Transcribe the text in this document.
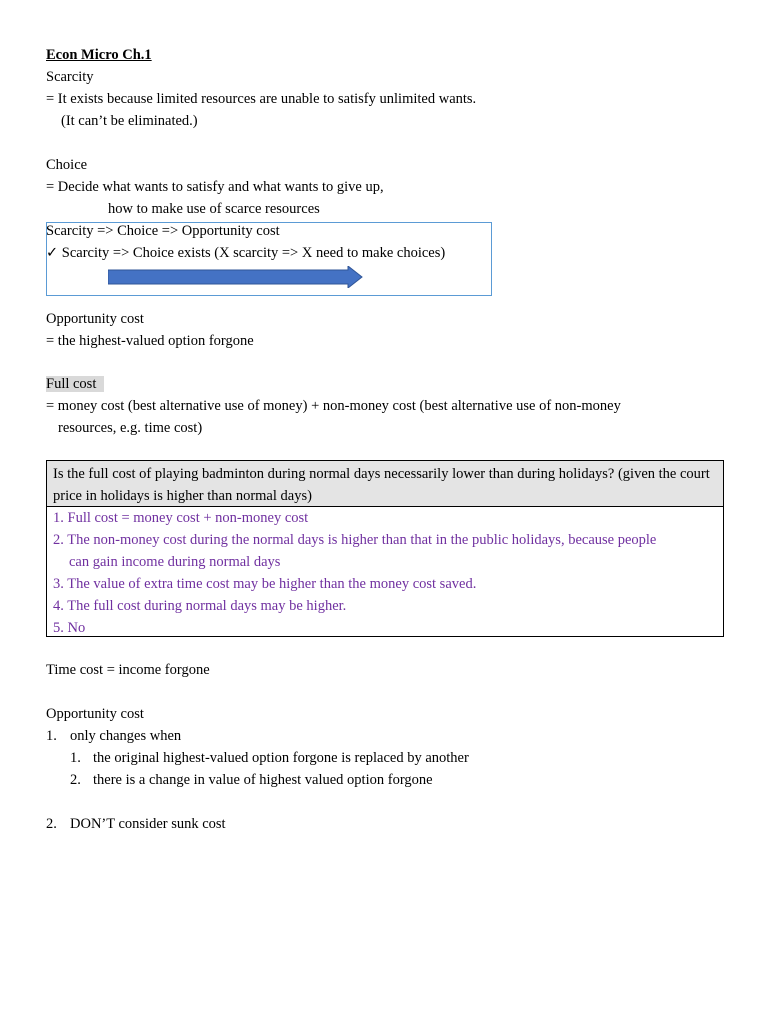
Econ Micro Ch.1
Scarcity
= It exists because limited resources are unable to satisfy unlimited wants.
(It can’t be eliminated.)
Choice
= Decide what wants to satisfy and what wants to give up,
how to make use of scarce resources
Scarcity => Choice => Opportunity cost
✓ Scarcity => Choice exists (X scarcity => X need to make choices)
Opportunity cost
= the highest-valued option forgone
Full cost
= money cost (best alternative use of money) + non-money cost (best alternative use of non-money
resources, e.g. time cost)
Is the full cost of playing badminton during normal days necessarily lower than during holidays? (given the court price in holidays is higher than normal days)
1. Full cost = money cost + non-money cost
2. The non-money cost during the normal days is higher than that in the public holidays, because people
can gain income during normal days
3. The value of extra time cost may be higher than the money cost saved.
4. The full cost during normal days may be higher.
5. No
Time cost = income forgone
Opportunity cost
1. only changes when
1. the original highest-valued option forgone is replaced by another
2. there is a change in value of highest valued option forgone
2. DON’T consider sunk cost
